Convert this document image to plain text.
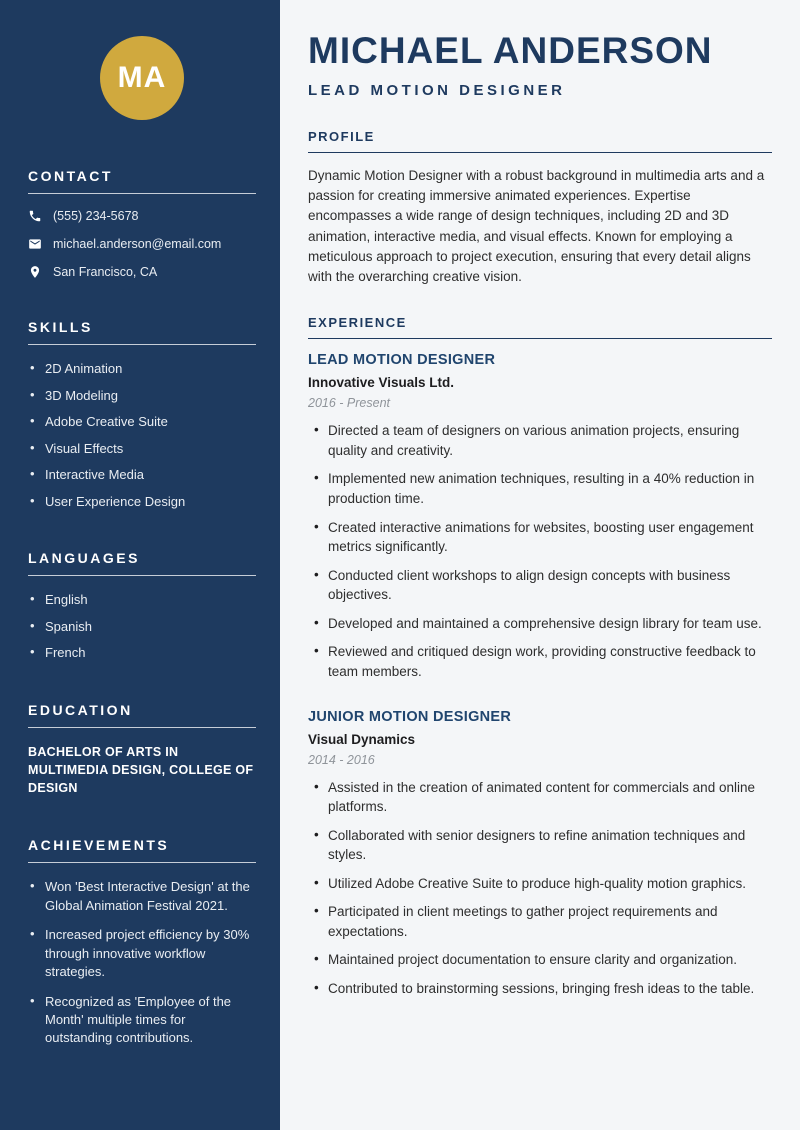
MA
CONTACT
(555) 234-5678
michael.anderson@email.com
San Francisco, CA
SKILLS
• 2D Animation
• 3D Modeling
• Adobe Creative Suite
• Visual Effects
• Interactive Media
• User Experience Design
LANGUAGES
• English
• Spanish
• French
EDUCATION

BACHELOR OF ARTS IN MULTIMEDIA DESIGN, COLLEGE OF DESIGN

ACHIEVEMENTS
• Won 'Best Interactive Design' at the Global Animation Festival 2021.
• Increased project efficiency by 30% through innovative workflow strategies.
• Recognized as 'Employee of the Month' multiple times for outstanding contributions.
MICHAEL ANDERSON
LEAD MOTION DESIGNER
PROFILE

Dynamic Motion Designer with a robust background in multimedia arts and a passion for creating immersive animated experiences. Expertise encompasses a wide range of design techniques, including 2D and 3D animation, interactive media, and visual effects. Known for employing a meticulous approach to project execution, ensuring that every detail aligns with the overarching creative vision.

EXPERIENCE
LEAD MOTION DESIGNER
Innovative Visuals Ltd.
2016 - Present
• Directed a team of designers on various animation projects, ensuring quality and creativity.
• Implemented new animation techniques, resulting in a 40% reduction in production time.
• Created interactive animations for websites, boosting user engagement metrics significantly.
• Conducted client workshops to align design concepts with business objectives.
• Developed and maintained a comprehensive design library for team use.
• Reviewed and critiqued design work, providing constructive feedback to team members.
JUNIOR MOTION DESIGNER
Visual Dynamics
2014 - 2016
• Assisted in the creation of animated content for commercials and online platforms.
• Collaborated with senior designers to refine animation techniques and styles.
• Utilized Adobe Creative Suite to produce high-quality motion graphics.
• Participated in client meetings to gather project requirements and expectations.
• Maintained project documentation to ensure clarity and organization.
• Contributed to brainstorming sessions, bringing fresh ideas to the table.
